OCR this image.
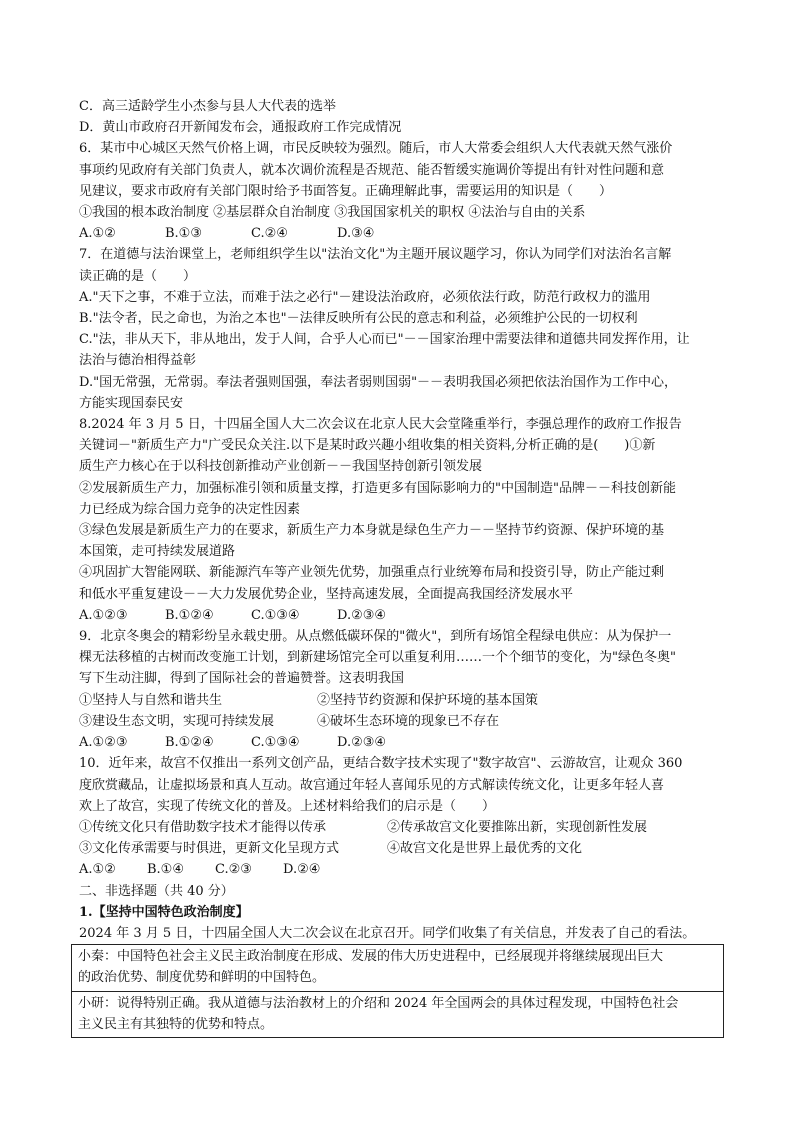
C．高三适龄学生小杰参与县人大代表的选举
D．黄山市政府召开新闻发布会，通报政府工作完成情况
6．某市中心城区天然气价格上调，市民反映较为强烈。随后，市人大常委会组织人大代表就天然气涨价
事项约见政府有关部门负责人，就本次调价流程是否规范、能否暂缓实施调价等提出有针对性问题和意
见建议，要求市政府有关部门限时给予书面答复。正确理解此事，需要运用的知识是（　　）
①我国的根本政治制度 ②基层群众自治制度 ③我国国家机关的职权 ④法治与自由的关系
A.①②	B.①③	C.②④	D.③④
7．在道德与法治课堂上，老师组织学生以"法治文化"为主题开展议题学习，你认为同学们对法治名言解
读正确的是（　　）
A."天下之事，不难于立法，而难于法之必行"－建设法治政府，必须依法行政，防范行政权力的滥用
B."法令者，民之命也，为治之本也"－法律反映所有公民的意志和利益，必须维护公民的一切权利
C."法，非从天下，非从地出，发于人间，合乎人心而已"－－国家治理中需要法律和道德共同发挥作用，让
法治与德治相得益彰
D."国无常强，无常弱。奉法者强则国强，奉法者弱则国弱"－－表明我国必须把依法治国作为工作中心，
方能实现国泰民安
8.2024 年 3 月 5 日，十四届全国人大二次会议在北京人民大会堂隆重举行，李强总理作的政府工作报告
关键词－"新质生产力"广受民众关注.以下是某时政兴趣小组收集的相关资料,分析正确的是(　　)①新
质生产力核心在于以科技创新推动产业创新－－我国坚持创新引领发展
②发展新质生产力，加强标准引领和质量支撑，打造更多有国际影响力的"中国制造"品牌－－科技创新能
力已经成为综合国力竞争的决定性因素
③绿色发展是新质生产力的在要求，新质生产力本身就是绿色生产力－－坚持节约资源、保护环境的基
本国策，走可持续发展道路
④巩固扩大智能网联、新能源汽车等产业领先优势，加强重点行业统筹布局和投资引导，防止产能过剩
和低水平重复建设－－大力发展优势企业，坚持高速发展，全面提高我国经济发展水平
A.①②③	B.①②④	C.①③④	D.②③④
9．北京冬奥会的精彩纷呈永载史册。从点燃低碳环保的"微火"，到所有场馆全程绿电供应：从为保护一
棵无法移植的古树而改变施工计划，到新建场馆完全可以重复利用……一个个细节的变化，为"绿色冬奥"
写下生动注脚，得到了国际社会的普遍赞誉。这表明我国
①坚持人与自然和谐共生	②坚持节约资源和保护环境的基本国策
③建设生态文明，实现可持续发展	④破坏生态环境的现象已不存在
A.①②③	B.①②④	C.①③④	D.②③④
10．近年来，故宫不仅推出一系列文创产品，更结合数字技术实现了"数字故宫"、云游故宫，让观众 360
度欣赏藏品，让虚拟场景和真人互动。故宫通过年轻人喜闻乐见的方式解读传统文化，让更多年轻人喜
欢上了故宫，实现了传统文化的普及。上述材料给我们的启示是（　　）
①传统文化只有借助数字技术才能得以传承	②传承故宫文化要推陈出新，实现创新性发展
③文化传承需要与时俱进，更新文化呈现方式	④故宫文化是世界上最优秀的文化
A.①② B.①④ C.②③ D.②④
二、非选择题（共 40 分）
1.【坚持中国特色政治制度】
2024 年 3 月 5 日，十四届全国人大二次会议在北京召开。同学们收集了有关信息，并发表了自己的看法。
小秦：中国特色社会主义民主政治制度在形成、发展的伟大历史进程中，已经展现并将继续展现出巨大
的政治优势、制度优势和鲜明的中国特色。
小研：说得特别正确。我从道德与法治教材上的介绍和 2024 年全国两会的具体过程发现，中国特色社会
主义民主有其独特的优势和特点。
